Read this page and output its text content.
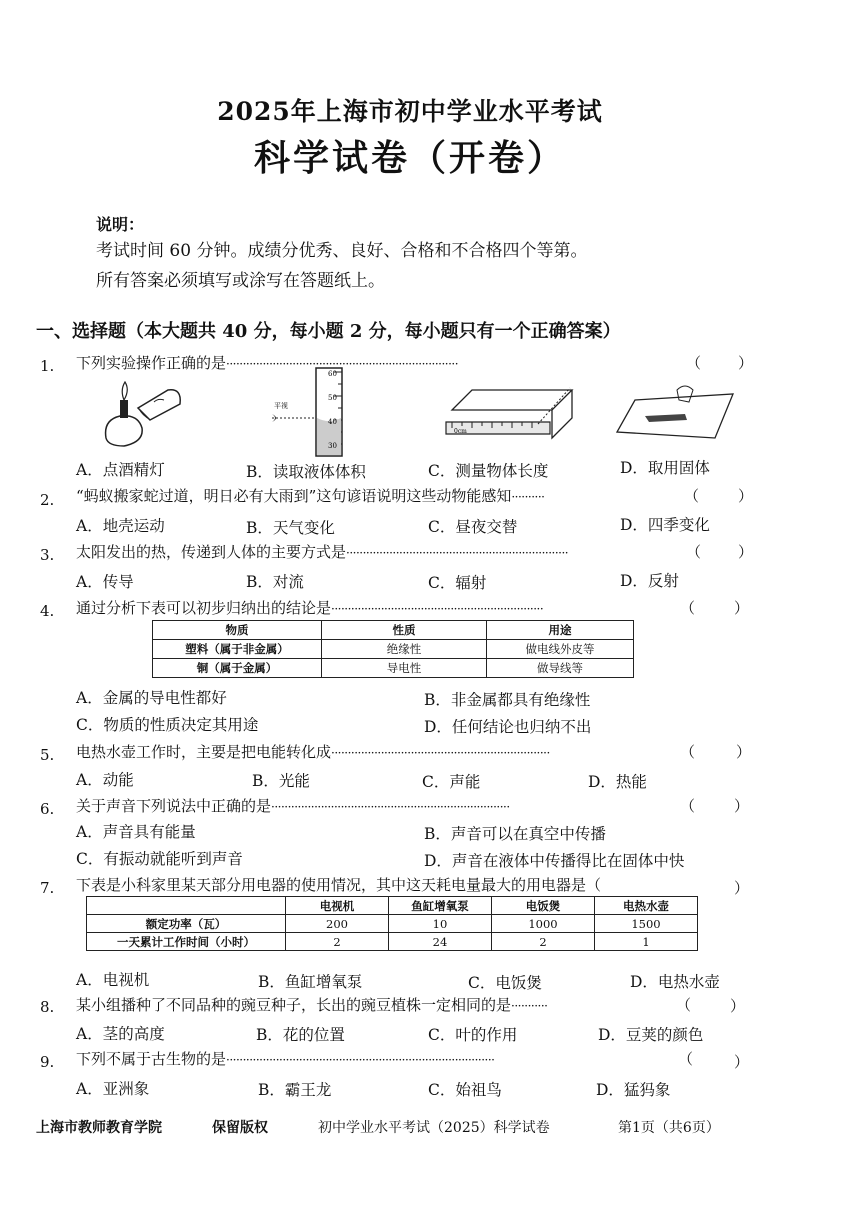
2025年上海市初中学业水平考试
科学试卷（开卷）
说明：
考试时间 60 分钟。成绩分优秀、良好、合格和不合格四个等第。
所有答案必须填写或涂写在答题纸上。
一、选择题（本大题共 40 分，每小题 2 分，每小题只有一个正确答案）
1. 下列实验操作正确的是······································································	（ ）
60
50
40
30
平视
0cm
A．点酒精灯	B．读取液体体积	C．测量物体长度	D．取用固体
2. “蚂蚁搬家蛇过道，明日必有大雨到”这句谚语说明这些动物能感知··········	（	）
A．地壳运动	B．天气变化	C．昼夜交替	D．四季变化
3. 太阳发出的热，传递到人体的主要方式是···································································	（ ）
A．传导	B．对流	C．辐射	D．反射
4. 通过分析下表可以初步归纳出的结论是································································	（	）
物质	性质	用途
塑料（属于非金属）	绝缘性	做电线外皮等
铜（属于金属）	导电性	做导线等
A．金属的导电性都好	B．非金属都具有绝缘性
C．物质的性质决定其用途	D．任何结论也归纳不出
5. 电热水壶工作时，主要是把电能转化成··································································	（	）
A．动能	B．光能	C．声能	D．热能
6. 关于声音下列说法中正确的是········································································	（	）
A．声音具有能量	B．声音可以在真空中传播
C．有振动就能听到声音	D．声音在液体中传播得比在固体中快
7. 下表是小科家里某天部分用电器的使用情况，其中这天耗电量最大的用电器是（	）
	电视机	鱼缸增氧泵	电饭煲	电热水壶
额定功率（瓦）	200	10	1000	1500
一天累计工作时间（小时）	2	24	2	1
A．电视机	B．鱼缸增氧泵	C．电饭煲	D．电热水壶
8. 某小组播种了不同品种的豌豆种子，长出的豌豆植株一定相同的是···········	（	）
A．茎的高度	B．花的位置	C．叶的作用	D．豆荚的颜色
9. 下列不属于古生物的是·················································································	（	）
A．亚洲象	B．霸王龙	C．始祖鸟	D．猛犸象
上海市教师教育学院	保留版权	初中学业水平考试（2025）科学试卷	第1页（共6页）
